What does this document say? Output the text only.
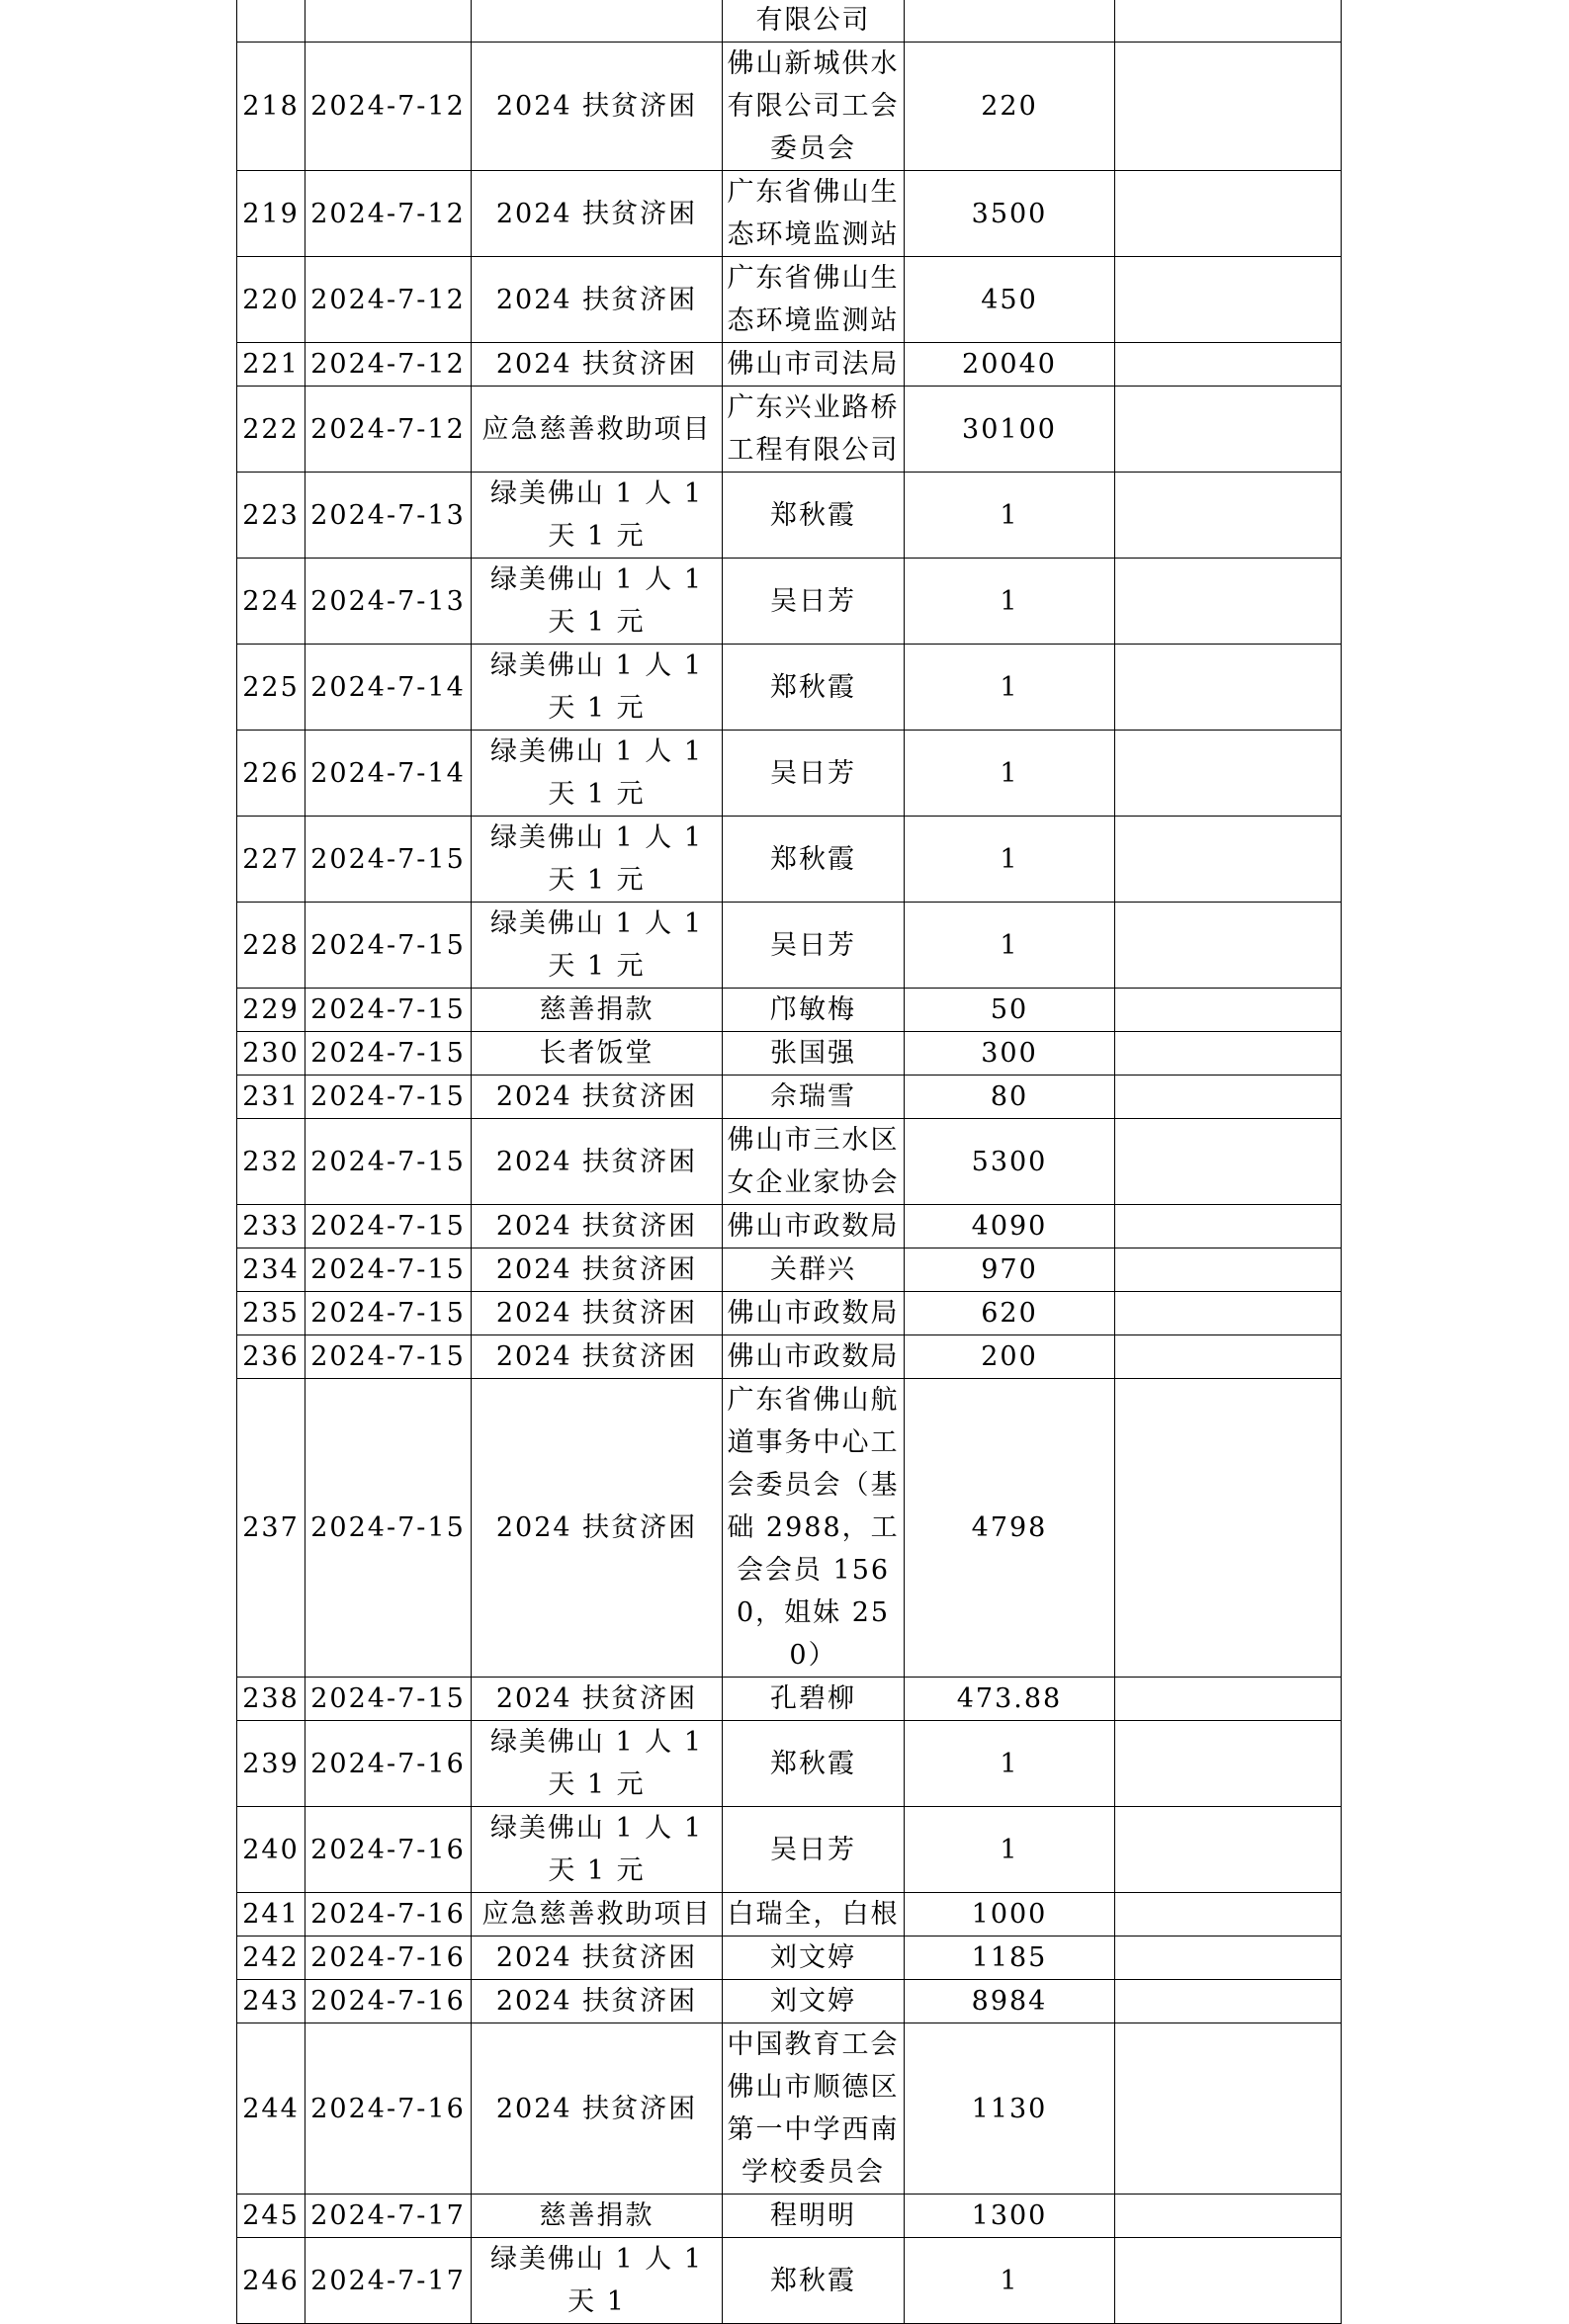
			有限公司		
218	2024-7-12	2024 扶贫济困	佛山新城供水有限公司工会委员会	220	
219	2024-7-12	2024 扶贫济困	广东省佛山生态环境监测站	3500	
220	2024-7-12	2024 扶贫济困	广东省佛山生态环境监测站	450	
221	2024-7-12	2024 扶贫济困	佛山市司法局	20040	
222	2024-7-12	应急慈善救助项目	广东兴业路桥工程有限公司	30100	
223	2024-7-13	绿美佛山 1 人 1 天 1 元	郑秋霞	1	
224	2024-7-13	绿美佛山 1 人 1 天 1 元	吴日芳	1	
225	2024-7-14	绿美佛山 1 人 1 天 1 元	郑秋霞	1	
226	2024-7-14	绿美佛山 1 人 1 天 1 元	吴日芳	1	
227	2024-7-15	绿美佛山 1 人 1 天 1 元	郑秋霞	1	
228	2024-7-15	绿美佛山 1 人 1 天 1 元	吴日芳	1	
229	2024-7-15	慈善捐款	邝敏梅	50	
230	2024-7-15	长者饭堂	张国强	300	
231	2024-7-15	2024 扶贫济困	佘瑞雪	80	
232	2024-7-15	2024 扶贫济困	佛山市三水区女企业家协会	5300	
233	2024-7-15	2024 扶贫济困	佛山市政数局	4090	
234	2024-7-15	2024 扶贫济困	关群兴	970	
235	2024-7-15	2024 扶贫济困	佛山市政数局	620	
236	2024-7-15	2024 扶贫济困	佛山市政数局	200	
237	2024-7-15	2024 扶贫济困	广东省佛山航道事务中心工会委员会（基础 2988，工会会员 1560，姐妹 250）	4798	
238	2024-7-15	2024 扶贫济困	孔碧柳	473.88	
239	2024-7-16	绿美佛山 1 人 1 天 1 元	郑秋霞	1	
240	2024-7-16	绿美佛山 1 人 1 天 1 元	吴日芳	1	
241	2024-7-16	应急慈善救助项目	白瑞全，白根	1000	
242	2024-7-16	2024 扶贫济困	刘文婷	1185	
243	2024-7-16	2024 扶贫济困	刘文婷	8984	
244	2024-7-16	2024 扶贫济困	中国教育工会佛山市顺德区第一中学西南学校委员会	1130	
245	2024-7-17	慈善捐款	程明明	1300	
246	2024-7-17	绿美佛山 1 人 1 天 1	郑秋霞	1	
